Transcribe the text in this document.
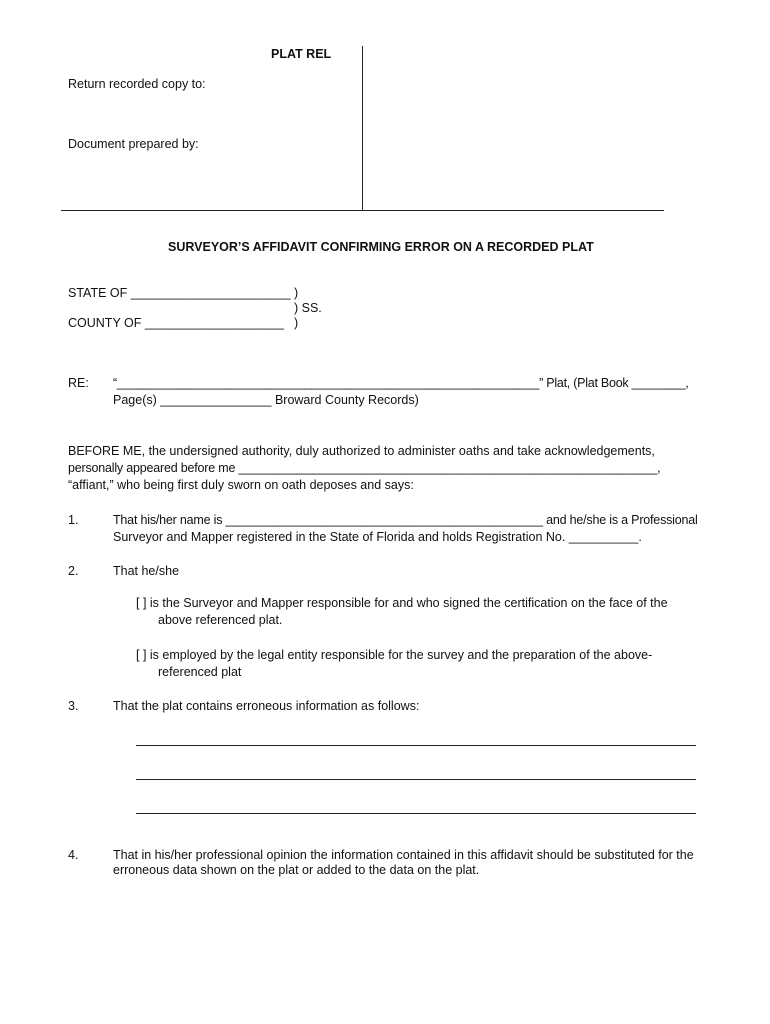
PLAT REL
Return recorded copy to:
Document prepared by:
SURVEYOR’S AFFIDAVIT CONFIRMING ERROR ON A RECORDED PLAT
STATE OF _______________________ )
) SS.
COUNTY OF ____________________ )
RE: “_______________________________________________________________” Plat, (Plat Book ________,
Page(s) ________________ Broward County Records)
BEFORE ME, the undersigned authority, duly authorized to administer oaths and take acknowledgements,
personally appeared before me ______________________________________________________________,
“affiant,” who being first duly sworn on oath deposes and says:
1.	That his/her name is _______________________________________________ and he/she is a Professional
Surveyor and Mapper registered in the State of Florida and holds Registration No. __________.
2.	That he/she
[ ] is the Surveyor and Mapper responsible for and who signed the certification on the face of the
above referenced plat.
[ ] is employed by the legal entity responsible for the survey and the preparation of the above-
referenced plat
3.	That the plat contains erroneous information as follows:
4.	That in his/her professional opinion the information contained in this affidavit should be substituted for the
erroneous data shown on the plat or added to the data on the plat.
